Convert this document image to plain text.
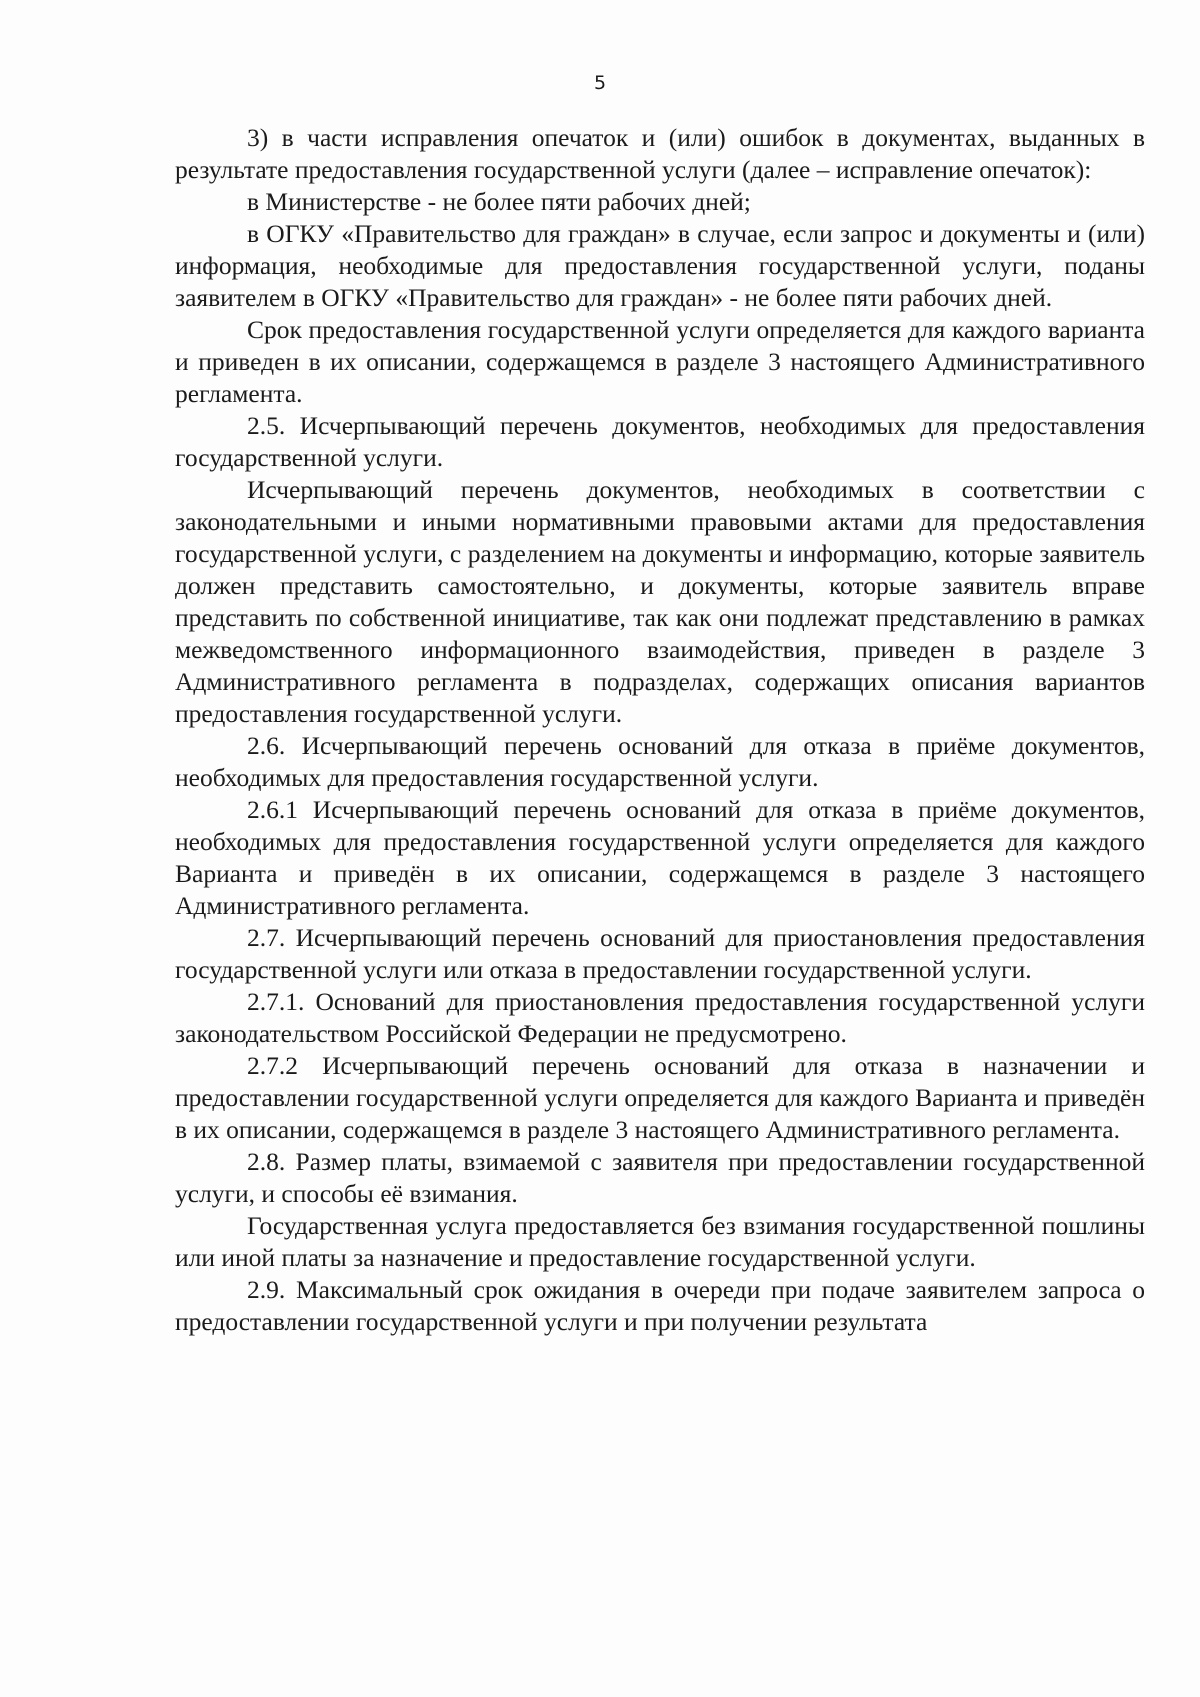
5

3) в части исправления опечаток и (или) ошибок в документах, выданных в результате предоставления государственной услуги (далее – исправление опечаток):

в Министерстве - не более пяти рабочих дней;

в ОГКУ «Правительство для граждан» в случае, если запрос и документы и (или) информация, необходимые для предоставления государственной услуги, поданы заявителем в ОГКУ «Правительство для граждан» - не более пяти рабочих дней.

Срок предоставления государственной услуги определяется для каждого варианта и приведен в их описании, содержащемся в разделе 3 настоящего Административного регламента.

2.5. Исчерпывающий перечень документов, необходимых для предоставления государственной услуги.

Исчерпывающий перечень документов, необходимых в соответствии с законодательными и иными нормативными правовыми актами для предоставления государственной услуги, с разделением на документы и информацию, которые заявитель должен представить самостоятельно, и документы, которые заявитель вправе представить по собственной инициативе, так как они подлежат представлению в рамках межведомственного информационного взаимодействия, приведен в разделе 3 Административного регламента в подразделах, содержащих описания вариантов предоставления государственной услуги.

2.6. Исчерпывающий перечень оснований для отказа в приёме документов, необходимых для предоставления государственной услуги.

2.6.1 Исчерпывающий перечень оснований для отказа в приёме документов, необходимых для предоставления государственной услуги определяется для каждого Варианта и приведён в их описании, содержащемся в разделе 3 настоящего Административного регламента.

2.7. Исчерпывающий перечень оснований для приостановления предоставления государственной услуги или отказа в предоставлении государственной услуги.

2.7.1. Оснований для приостановления предоставления государственной услуги законодательством Российской Федерации не предусмотрено.

2.7.2 Исчерпывающий перечень оснований для отказа в назначении и предоставлении государственной услуги определяется для каждого Варианта и приведён в их описании, содержащемся в разделе 3 настоящего Административного регламента.

2.8. Размер платы, взимаемой с заявителя при предоставлении государственной услуги, и способы её взимания.

Государственная услуга предоставляется без взимания государственной пошлины или иной платы за назначение и предоставление государственной услуги.

2.9. Максимальный срок ожидания в очереди при подаче заявителем запроса о предоставлении государственной услуги и при получении результата
